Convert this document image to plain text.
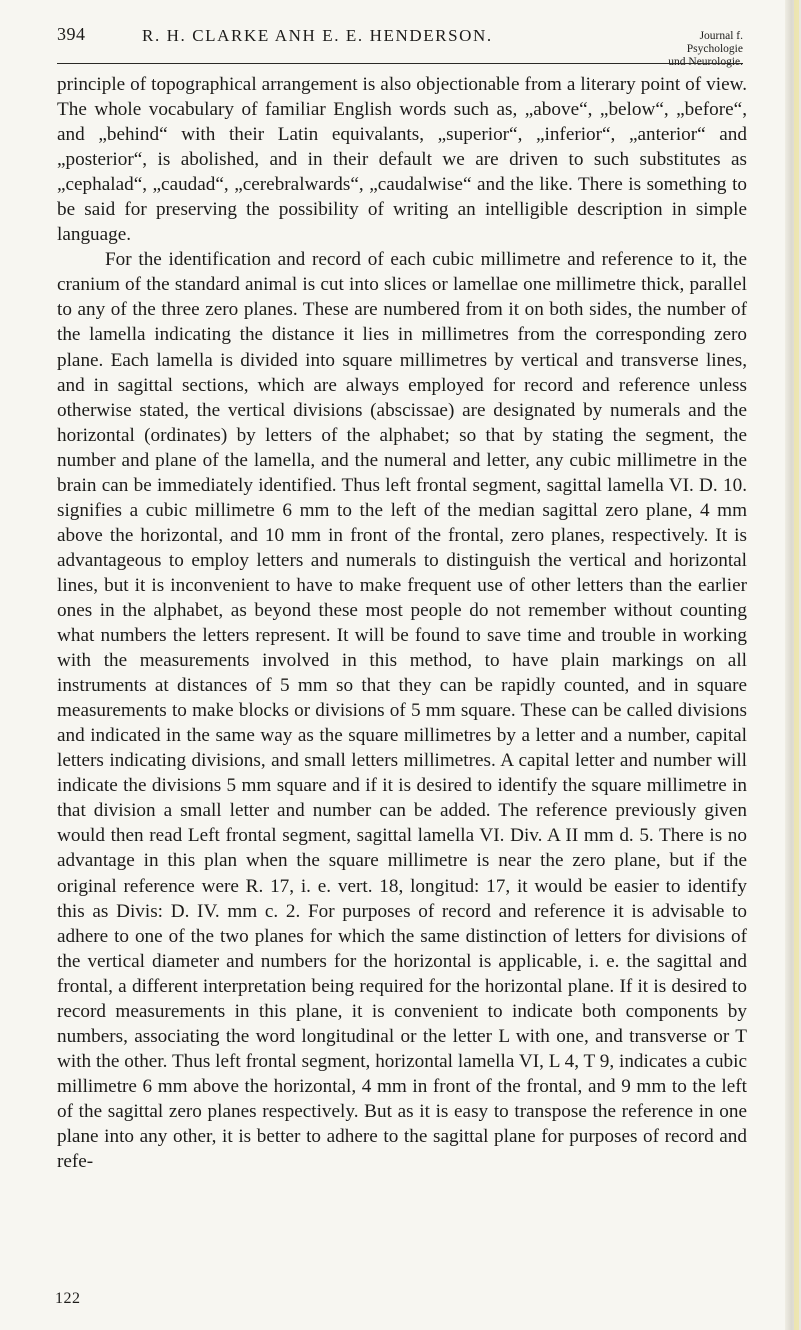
394	R. H. CLARKE ANH E. E. HENDERSON.	Journal f. Psychologie
und Neurologie.

principle of topographical arrangement is also objectionable from a literary point of view. The whole vocabulary of familiar English words such as, „above“, „below“, „before“, and „behind“ with their Latin equivalants, „superior“, „inferior“, „anterior“ and „posterior“, is abolished, and in their default we are driven to such substitutes as „cephalad“, „caudad“, „cerebralwards“, „caudalwise“ and the like. There is something to be said for preserving the possibility of writing an intelligible description in simple language.

For the identification and record of each cubic millimetre and reference to it, the cranium of the standard animal is cut into slices or lamellae one millimetre thick, parallel to any of the three zero planes. These are numbered from it on both sides, the number of the lamella indicating the distance it lies in millimetres from the corresponding zero plane. Each lamella is divided into square millimetres by vertical and transverse lines, and in sagittal sections, which are always employed for record and reference unless otherwise stated, the vertical divisions (abscissae) are designated by numerals and the horizontal (ordinates) by letters of the alphabet; so that by stating the segment, the number and plane of the lamella, and the numeral and letter, any cubic millimetre in the brain can be immediately identified. Thus left frontal segment, sagittal lamella VI. D. 10. signifies a cubic millimetre 6 mm to the left of the median sagittal zero plane, 4 mm above the horizontal, and 10 mm in front of the frontal, zero planes, respectively. It is advantageous to employ letters and numerals to distinguish the vertical and horizontal lines, but it is inconvenient to have to make frequent use of other letters than the earlier ones in the alphabet, as beyond these most people do not remember without counting what numbers the letters represent. It will be found to save time and trouble in working with the measurements involved in this method, to have plain markings on all instruments at distances of 5 mm so that they can be rapidly counted, and in square measurements to make blocks or divisions of 5 mm square. These can be called divisions and indicated in the same way as the square millimetres by a letter and a number, capital letters indicating divisions, and small letters millimetres. A capital letter and number will indicate the divisions 5 mm square and if it is desired to identify the square millimetre in that division a small letter and number can be added. The reference previously given would then read Left frontal segment, sagittal lamella VI. Div. A II mm d. 5. There is no advantage in this plan when the square millimetre is near the zero plane, but if the original reference were R. 17, i. e. vert. 18, longitud: 17, it would be easier to identify this as Divis: D. IV. mm c. 2. For purposes of record and reference it is advisable to adhere to one of the two planes for which the same distinction of letters for divisions of the vertical diameter and numbers for the horizontal is applicable, i. e. the sagittal and frontal, a different interpretation being required for the horizontal plane. If it is desired to record measurements in this plane, it is convenient to indicate both components by numbers, associating the word longitudinal or the letter L with one, and transverse or T with the other. Thus left frontal segment, horizontal lamella VI, L 4, T 9, indicates a cubic millimetre 6 mm above the horizontal, 4 mm in front of the frontal, and 9 mm to the left of the sagittal zero planes respectively. But as it is easy to transpose the reference in one plane into any other, it is better to adhere to the sagittal plane for purposes of record and refe-

122
